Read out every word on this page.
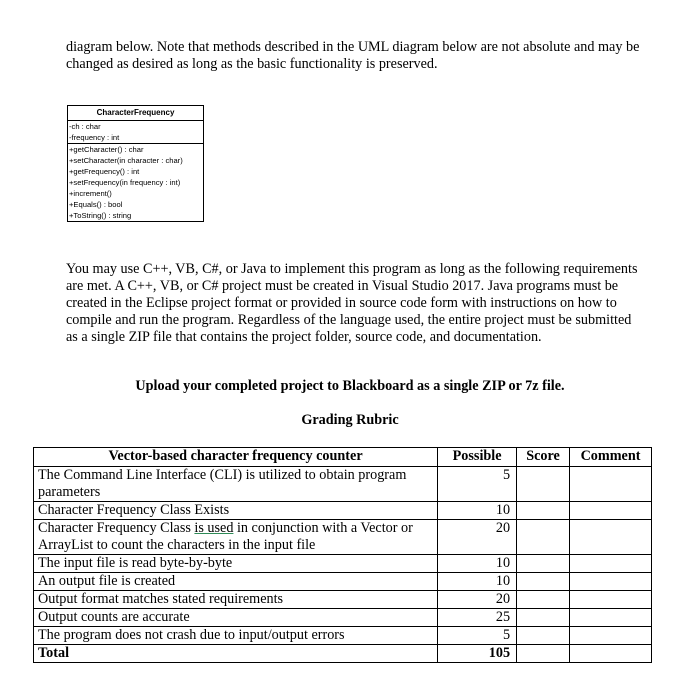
diagram below. Note that methods described in the UML diagram below are not absolute and may be changed as desired as long as the basic functionality is preserved.

CharacterFrequency
-ch : char
-frequency : int
+getCharacter() : char
+setCharacter(in character : char)
+getFrequency() : int
+setFrequency(in frequency : int)
+increment()
+Equals() : bool
+ToString() : string

You may use C++, VB, C#, or Java to implement this program as long as the following requirements are met. A C++, VB, or C# project must be created in Visual Studio 2017. Java programs must be created in the Eclipse project format or provided in source code form with instructions on how to compile and run the program. Regardless of the language used, the entire project must be submitted as a single ZIP file that contains the project folder, source code, and documentation.

Upload your completed project to Blackboard as a single ZIP or 7z file.
Grading Rubric
Vector-based character frequency counter	Possible	Score	Comment
The Command Line Interface (CLI) is utilized to obtain program parameters	5		
Character Frequency Class Exists	10		
Character Frequency Class is used in conjunction with a Vector or ArrayList to count the characters in the input file	20		
The input file is read byte-by-byte	10		
An output file is created	10		
Output format matches stated requirements	20		
Output counts are accurate	25		
The program does not crash due to input/output errors	5		
Total	105		
